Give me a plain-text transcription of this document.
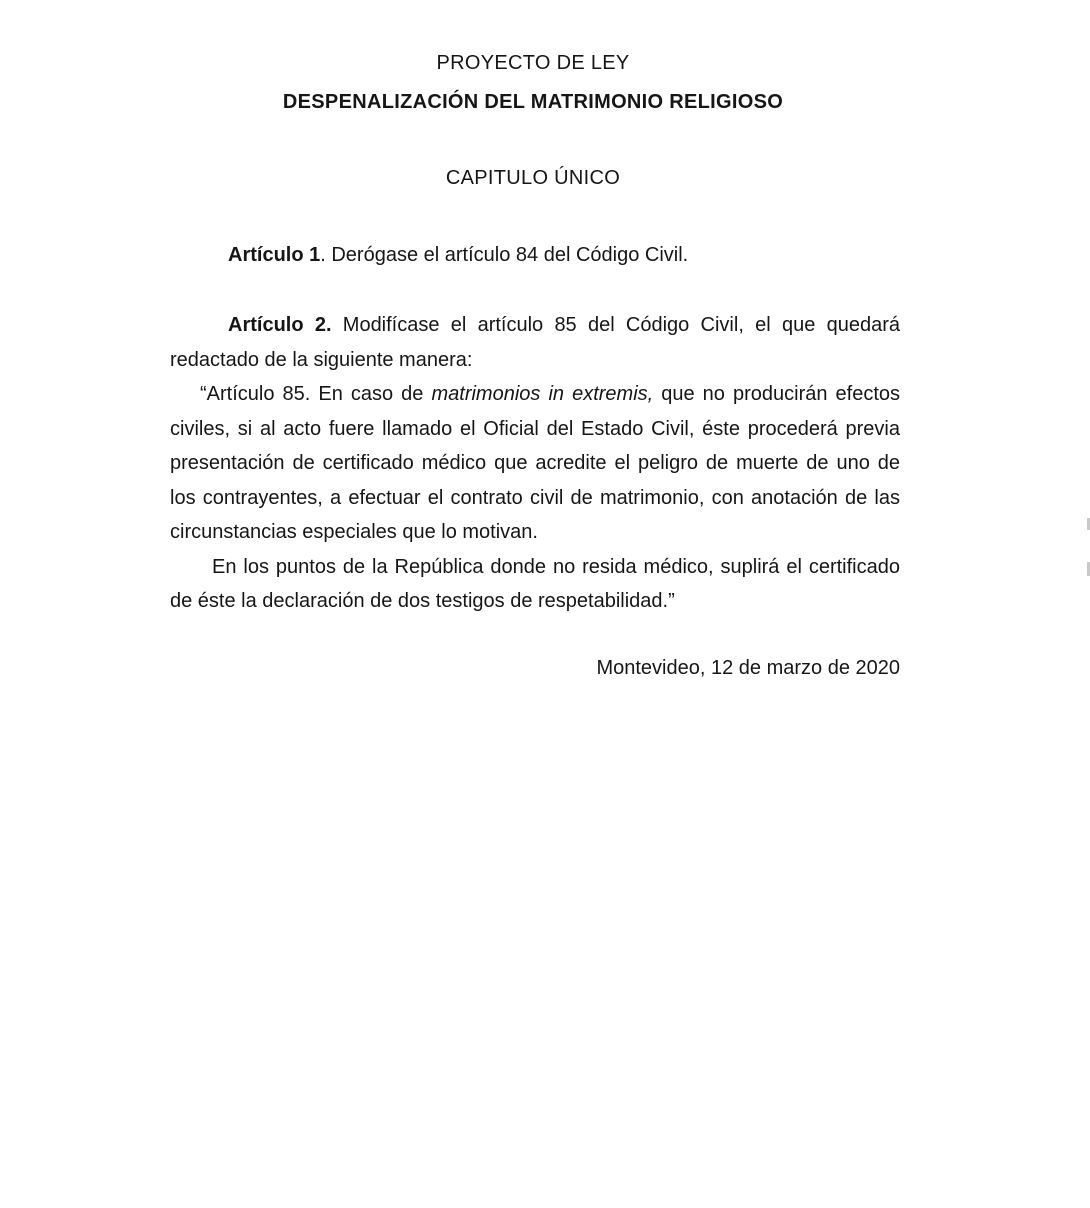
PROYECTO DE LEY
DESPENALIZACIÓN DEL MATRIMONIO RELIGIOSO
CAPITULO ÚNICO

Artículo 1. Derógase el artículo 84 del Código Civil.

Artículo 2. Modifícase el artículo 85 del Código Civil, el que quedará redactado de la siguiente manera:

“Artículo 85. En caso de matrimonios in extremis, que no producirán efectos civiles, si al acto fuere llamado el Oficial del Estado Civil, éste procederá previa presentación de certificado médico que acredite el peligro de muerte de uno de los contrayentes, a efectuar el contrato civil de matrimonio, con anotación de las circunstancias especiales que lo motivan.

En los puntos de la República donde no resida médico, suplirá el certificado de éste la declaración de dos testigos de respetabilidad.”

Montevideo, 12 de marzo de 2020
